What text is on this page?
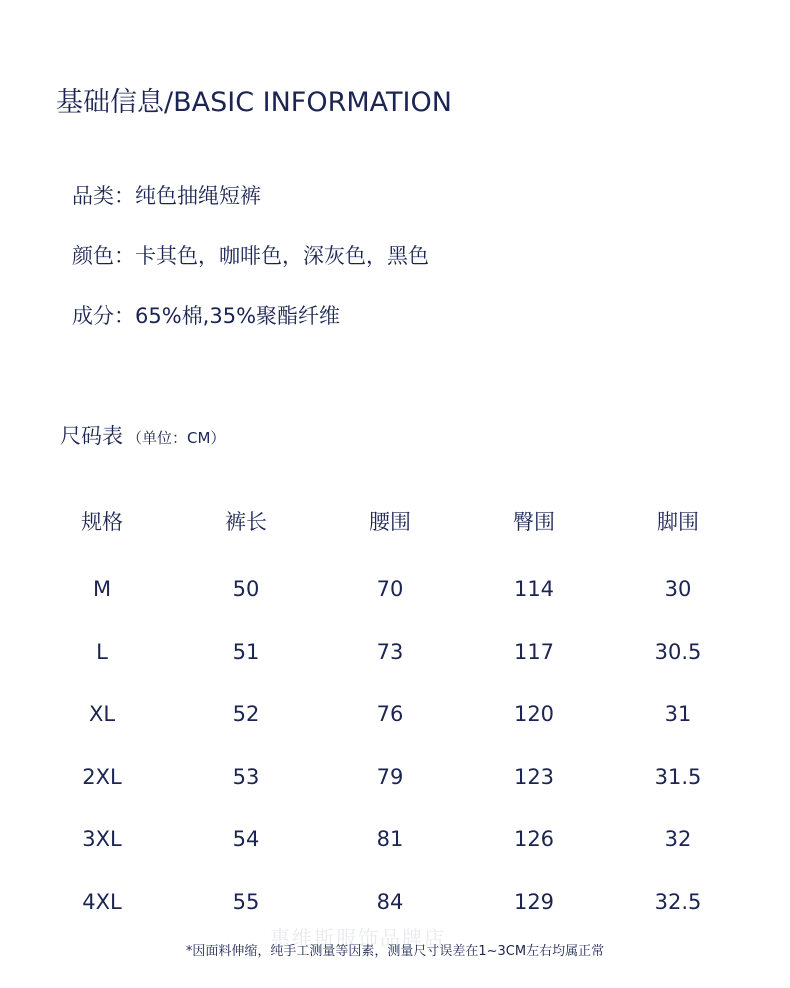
基础信息/BASIC INFORMATION
品类：纯色抽绳短裤
颜色：卡其色，咖啡色，深灰色，黑色
成分：65%棉,35%聚酯纤维
尺码表 （单位：CM）
规格	裤长	腰围	臀围	脚围
M	50	70	114	30
L	51	73	117	30.5
XL	52	76	120	31
2XL	53	79	123	31.5
3XL	54	81	126	32
4XL	55	84	129	32.5
惠维斯服饰品牌店
*因面料伸缩，纯手工测量等因素，测量尺寸误差在1~3CM左右均属正常
